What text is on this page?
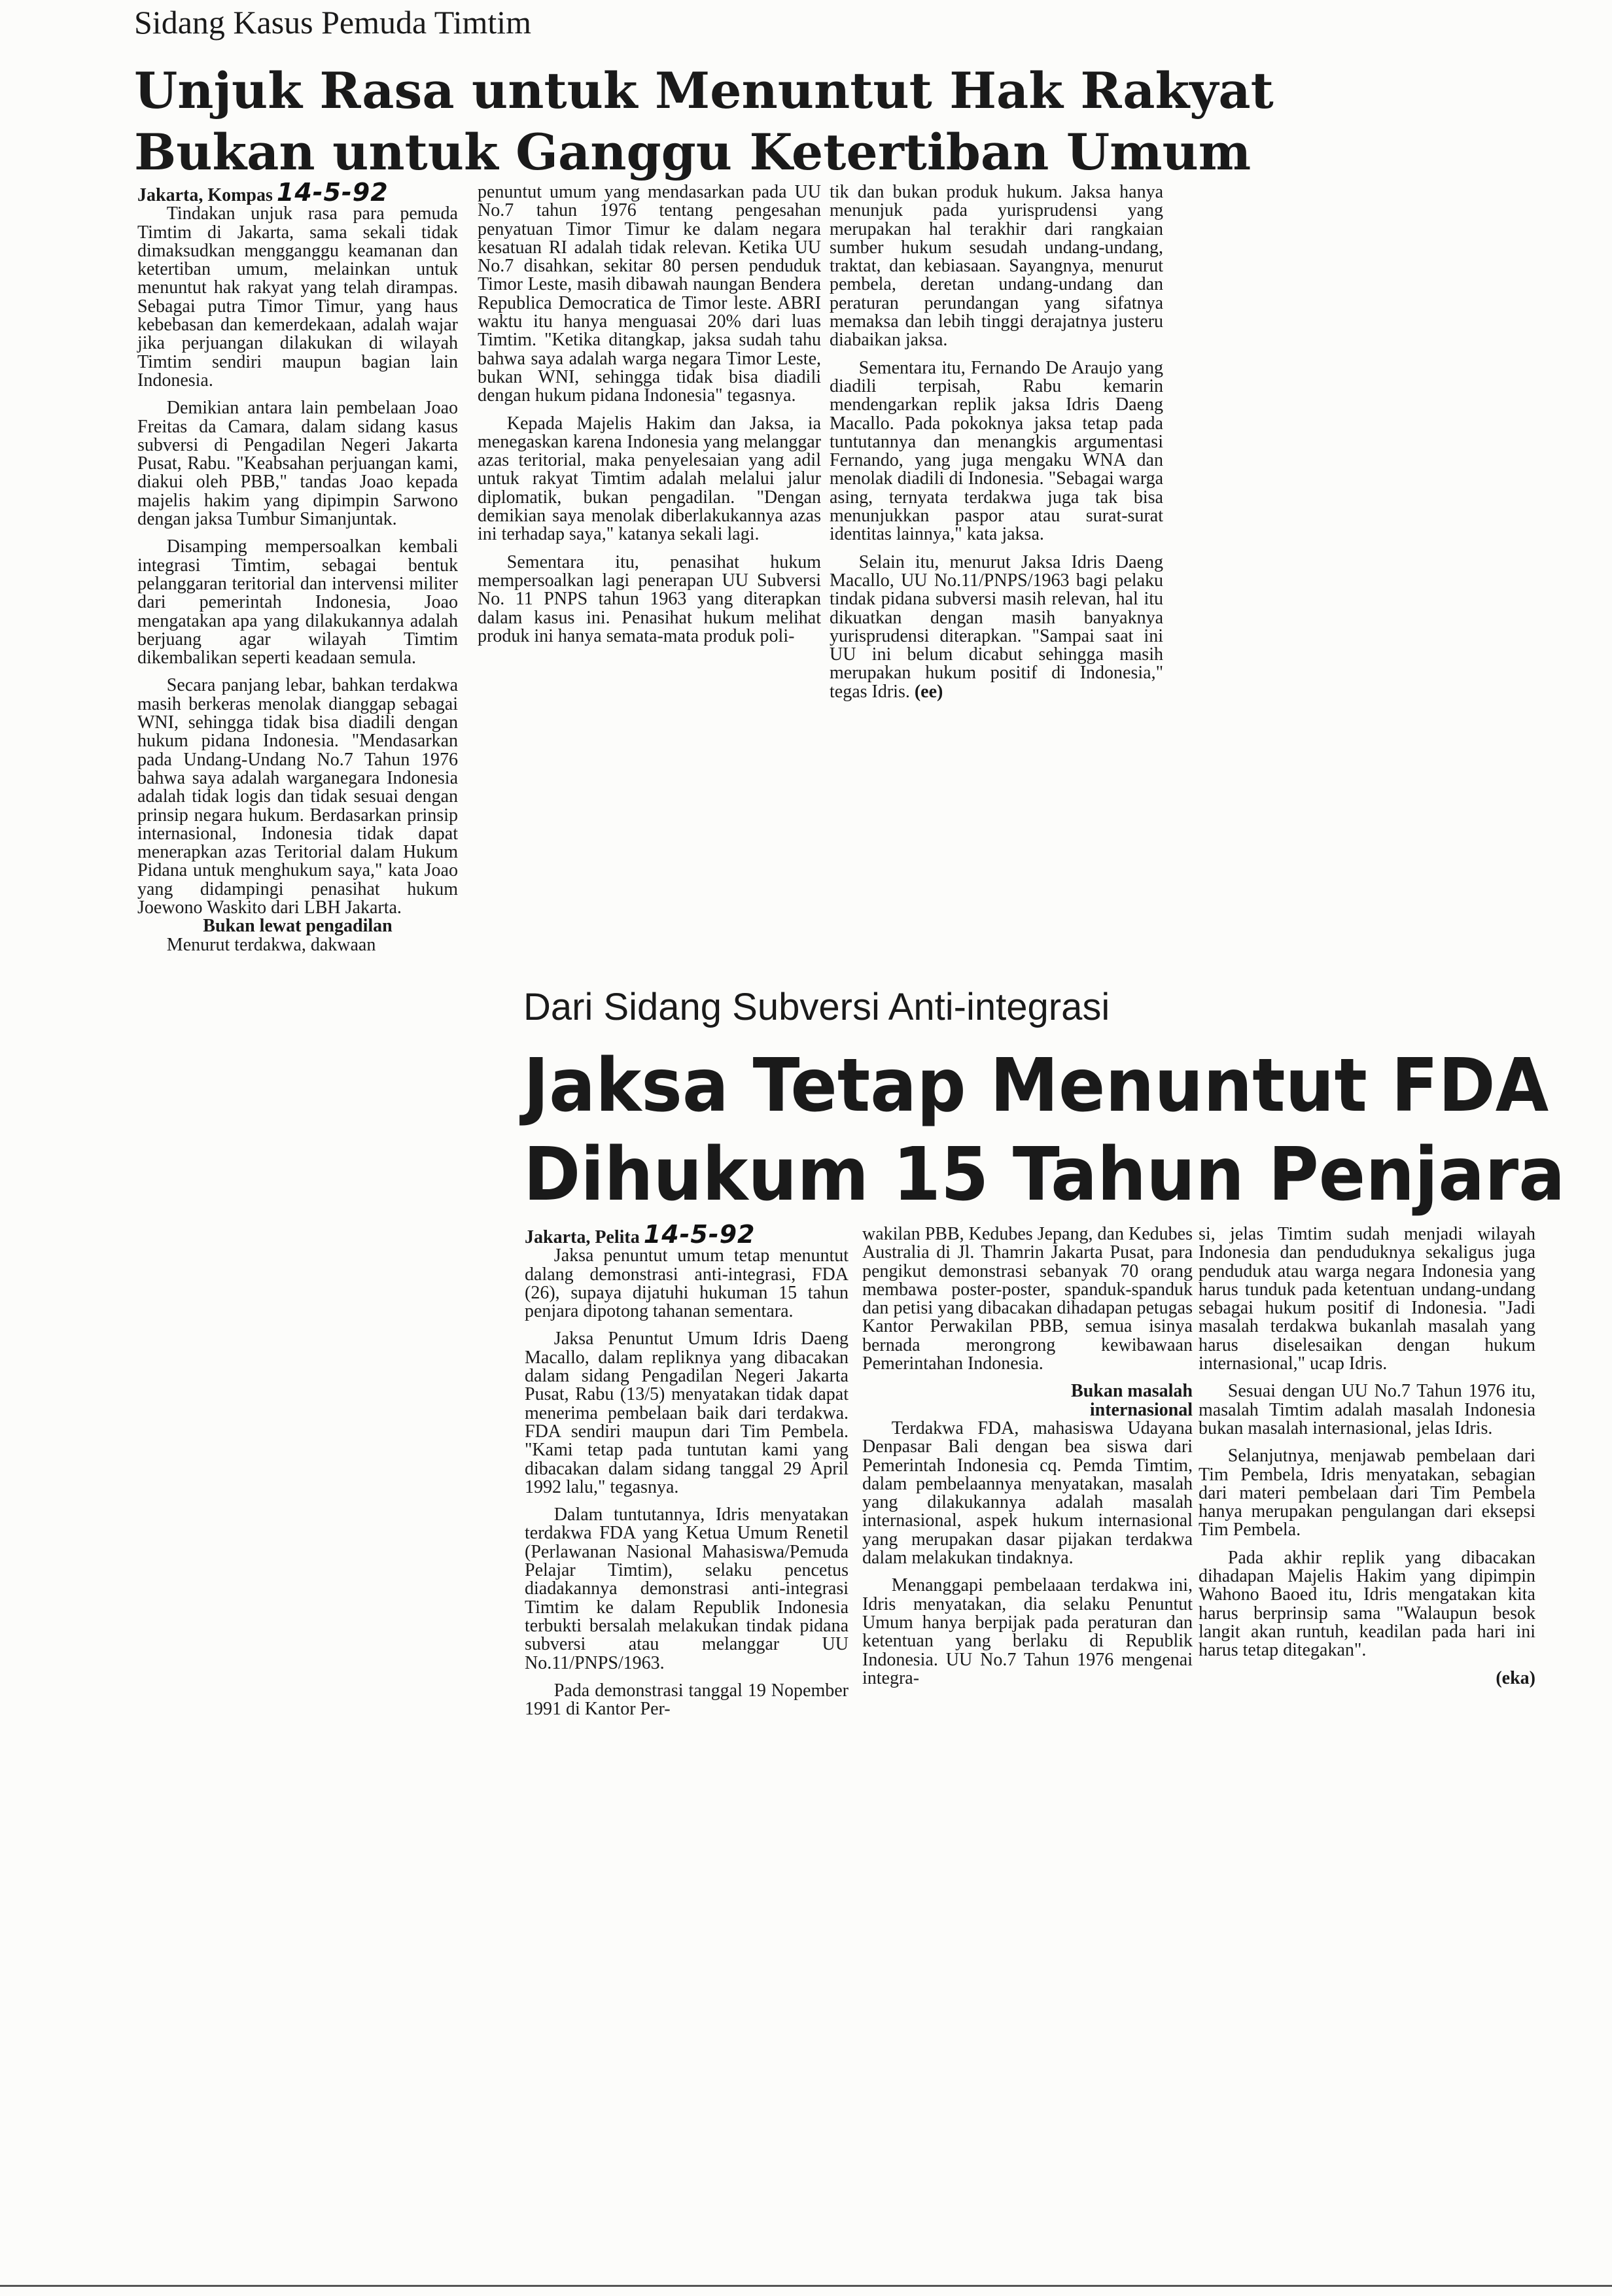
Sidang Kasus Pemuda Timtim
Unjuk Rasa untuk Menuntut Hak Rakyat
Bukan untuk Ganggu Ketertiban Umum

Jakarta, Kompas 14-5-92

Tindakan unjuk rasa para pemuda Timtim di Jakarta, sama sekali tidak dimaksudkan mengganggu keamanan dan ketertiban umum, melainkan untuk menuntut hak rakyat yang telah dirampas. Sebagai putra Timor Timur, yang haus kebebasan dan kemerdekaan, adalah wajar jika perjuangan dilakukan di wilayah Timtim sendiri maupun bagian lain Indonesia.

Demikian antara lain pembelaan Joao Freitas da Camara, dalam sidang kasus subversi di Pengadilan Negeri Jakarta Pusat, Rabu. "Keabsahan perjuangan kami, diakui oleh PBB," tandas Joao kepada majelis hakim yang dipimpin Sarwono dengan jaksa Tumbur Simanjuntak.

Disamping mempersoalkan kembali integrasi Timtim, sebagai bentuk pelanggaran teritorial dan intervensi militer dari pemerintah Indonesia, Joao mengatakan apa yang dilakukannya adalah berjuang agar wilayah Timtim dikembalikan seperti keadaan semula.

Secara panjang lebar, bahkan terdakwa masih berkeras menolak dianggap sebagai WNI, sehingga tidak bisa diadili dengan hukum pidana Indonesia. "Mendasarkan pada Undang-Undang No.7 Tahun 1976 bahwa saya adalah warganegara Indonesia adalah tidak logis dan tidak sesuai dengan prinsip negara hukum. Berdasarkan prinsip internasional, Indonesia tidak dapat menerapkan azas Teritorial dalam Hukum Pidana untuk menghukum saya," kata Joao yang didampingi penasihat hukum Joewono Waskito dari LBH Jakarta.

Bukan lewat pengadilan

Menurut terdakwa, dakwaan

penuntut umum yang mendasarkan pada UU No.7 tahun 1976 tentang pengesahan penyatuan Timor Timur ke dalam negara kesatuan RI adalah tidak relevan. Ketika UU No.7 disahkan, sekitar 80 persen penduduk Timor Leste, masih dibawah naungan Bendera Republica Democratica de Timor leste. ABRI waktu itu hanya menguasai 20% dari luas Timtim. "Ketika ditangkap, jaksa sudah tahu bahwa saya adalah warga negara Timor Leste, bukan WNI, sehingga tidak bisa diadili dengan hukum pidana Indonesia" tegasnya.

Kepada Majelis Hakim dan Jaksa, ia menegaskan karena Indonesia yang melanggar azas teritorial, maka penyelesaian yang adil untuk rakyat Timtim adalah melalui jalur diplomatik, bukan pengadilan. "Dengan demikian saya menolak diberlakukannya azas ini terhadap saya," katanya sekali lagi.

Sementara itu, penasihat hukum mempersoalkan lagi penerapan UU Subversi No. 11 PNPS tahun 1963 yang diterapkan dalam kasus ini. Penasihat hukum melihat produk ini hanya semata-mata produk poli-

tik dan bukan produk hukum. Jaksa hanya menunjuk pada yurisprudensi yang merupakan hal terakhir dari rangkaian sumber hukum sesudah undang-undang, traktat, dan kebiasaan. Sayangnya, menurut pembela, deretan undang-undang dan peraturan perundangan yang sifatnya memaksa dan lebih tinggi derajatnya justeru diabaikan jaksa.

Sementara itu, Fernando De Araujo yang diadili terpisah, Rabu kemarin mendengarkan replik jaksa Idris Daeng Macallo. Pada pokoknya jaksa tetap pada tuntutannya dan menangkis argumentasi Fernando, yang juga mengaku WNA dan menolak diadili di Indonesia. "Sebagai warga asing, ternyata terdakwa juga tak bisa menunjukkan paspor atau surat-surat identitas lainnya," kata jaksa.

Selain itu, menurut Jaksa Idris Daeng Macallo, UU No.11/PNPS/1963 bagi pelaku tindak pidana subversi masih relevan, hal itu dikuatkan dengan masih banyaknya yurisprudensi diterapkan. "Sampai saat ini UU ini belum dicabut sehingga masih merupakan hukum positif di Indonesia," tegas Idris. (ee)

Dari Sidang Subversi Anti-integrasi
Jaksa Tetap Menuntut FDA
Dihukum 15 Tahun Penjara

Jakarta, Pelita 14-5-92

Jaksa penuntut umum tetap menuntut dalang demonstrasi anti-integrasi, FDA (26), supaya dijatuhi hukuman 15 tahun penjara dipotong tahanan sementara.

Jaksa Penuntut Umum Idris Daeng Macallo, dalam repliknya yang dibacakan dalam sidang Pengadilan Negeri Jakarta Pusat, Rabu (13/5) menyatakan tidak dapat menerima pembelaan baik dari terdakwa. FDA sendiri maupun dari Tim Pembela. "Kami tetap pada tuntutan kami yang dibacakan dalam sidang tanggal 29 April 1992 lalu," tegasnya.

Dalam tuntutannya, Idris menyatakan terdakwa FDA yang Ketua Umum Renetil (Perlawanan Nasional Mahasiswa/Pemuda Pelajar Timtim), selaku pencetus diadakannya demonstrasi anti-integrasi Timtim ke dalam Republik Indonesia terbukti bersalah melakukan tindak pidana subversi atau melanggar UU No.11/PNPS/1963.

Pada demonstrasi tanggal 19 Nopember 1991 di Kantor Per-

wakilan PBB, Kedubes Jepang, dan Kedubes Australia di Jl. Thamrin Jakarta Pusat, para pengikut demonstrasi sebanyak 70 orang membawa poster-poster, spanduk-spanduk dan petisi yang dibacakan dihadapan petugas Kantor Perwakilan PBB, semua isinya bernada merongrong kewibawaan Pemerintahan Indonesia.

Bukan masalah
internasional

Terdakwa FDA, mahasiswa Udayana Denpasar Bali dengan bea siswa dari Pemerintah Indonesia cq. Pemda Timtim, dalam pembelaannya menyatakan, masalah yang dilakukannya adalah masalah internasional, aspek hukum internasional yang merupakan dasar pijakan terdakwa dalam melakukan tindaknya.

Menanggapi pembelaaan terdakwa ini, Idris menyatakan, dia selaku Penuntut Umum hanya berpijak pada peraturan dan ketentuan yang berlaku di Republik Indonesia. UU No.7 Tahun 1976 mengenai integra-

si, jelas Timtim sudah menjadi wilayah Indonesia dan penduduknya sekaligus juga penduduk atau warga negara Indonesia yang harus tunduk pada ketentuan undang-undang sebagai hukum positif di Indonesia. "Jadi masalah terdakwa bukanlah masalah yang harus diselesaikan dengan hukum internasional," ucap Idris.

Sesuai dengan UU No.7 Tahun 1976 itu, masalah Timtim adalah masalah Indonesia bukan masalah internasional, jelas Idris.

Selanjutnya, menjawab pembelaan dari Tim Pembela, Idris menyatakan, sebagian dari materi pembelaan dari Tim Pembela hanya merupakan pengulangan dari eksepsi Tim Pembela.

Pada akhir replik yang dibacakan dihadapan Majelis Hakim yang dipimpin Wahono Baoed itu, Idris mengatakan kita harus berprinsip sama "Walaupun besok langit akan runtuh, keadilan pada hari ini harus tetap ditegakan".

(eka)
